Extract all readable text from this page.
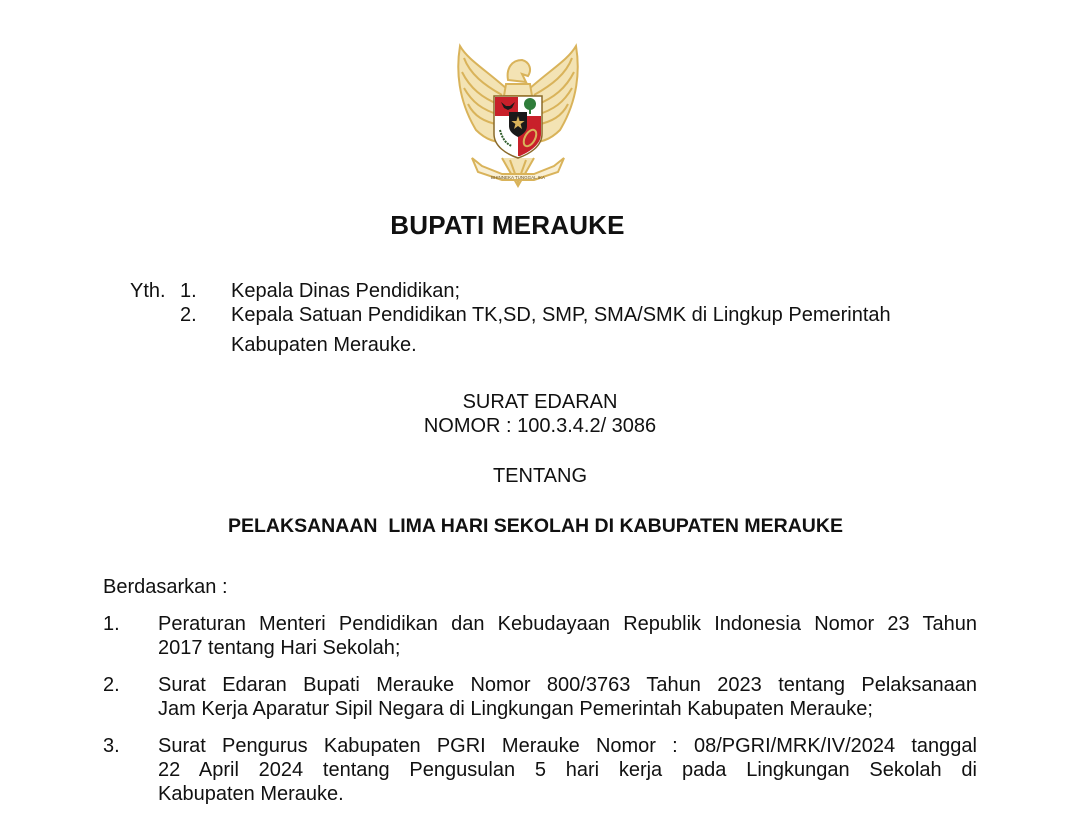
BHINNEKA TUNGGAL IKA
BUPATI MERAUKE
Yth. 1. Kepala Dinas Pendidikan;
2. Kepala Satuan Pendidikan TK,SD, SMP, SMA/SMK di Lingkup Pemerintah
Kabupaten Merauke.
SURAT EDARAN
NOMOR : 100.3.4.2/ 3086
TENTANG
PELAKSANAAN  LIMA HARI SEKOLAH DI KABUPATEN MERAUKE
Berdasarkan :
1. Peraturan Menteri Pendidikan dan Kebudayaan Republik Indonesia Nomor 23 Tahun
2017 tentang Hari Sekolah;
2. Surat Edaran Bupati Merauke Nomor 800/3763 Tahun 2023 tentang Pelaksanaan
Jam Kerja Aparatur Sipil Negara di Lingkungan Pemerintah Kabupaten Merauke;
3. Surat Pengurus Kabupaten PGRI Merauke Nomor : 08/PGRI/MRK/IV/2024 tanggal
22 April 2024 tentang Pengusulan 5 hari kerja pada Lingkungan Sekolah di
Kabupaten Merauke.
